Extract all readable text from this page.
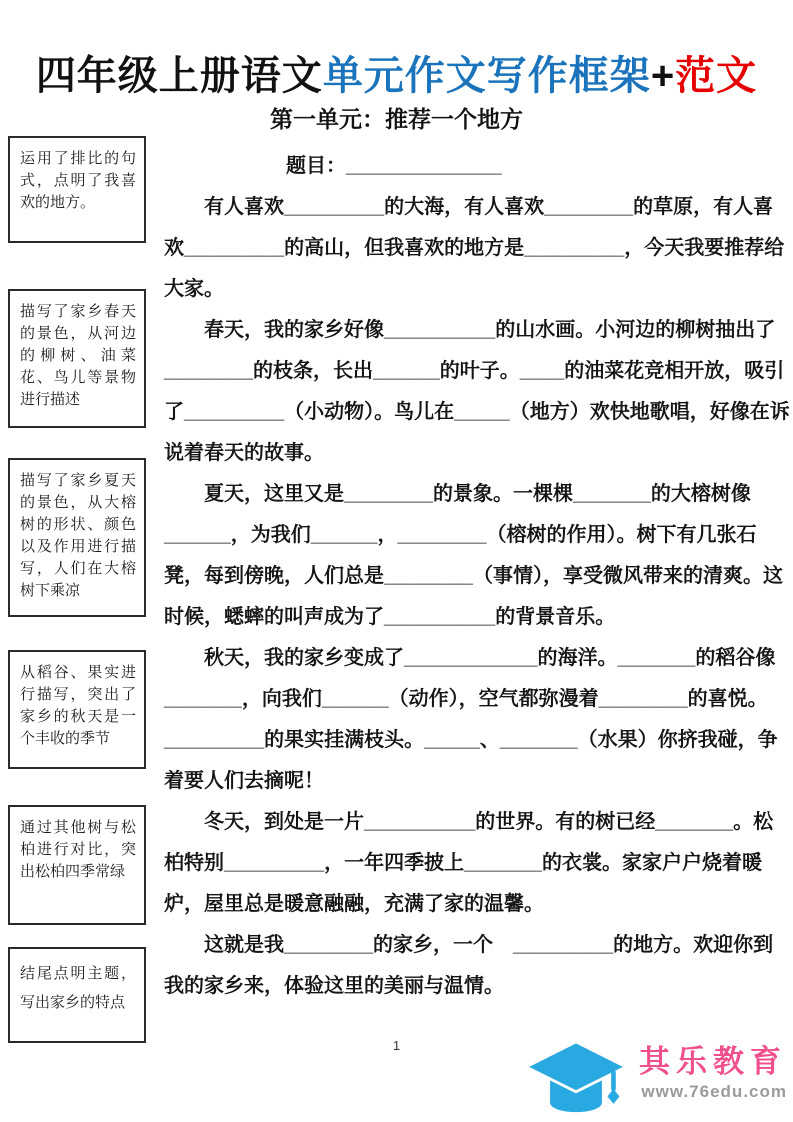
四年级上册语文单元作文写作框架+范文
第一单元：推荐一个地方
运用了排比的句式，点明了我喜欢的地方。
描写了家乡春天的景色，从河边的柳树、油菜花、鸟儿等景物进行描述
描写了家乡夏天的景色，从大榕树的形状、颜色以及作用进行描写，人们在大榕树下乘凉
从稻谷、果实进行描写，突出了家乡的秋天是一个丰收的季节
通过其他树与松柏进行对比，突出松柏四季常绿
结尾点明主题，写出家乡的特点

题目：______________

有人喜欢_________的大海，有人喜欢________的草原，有人喜欢_________的高山，但我喜欢的地方是_________，今天我要推荐给大家。

春天，我的家乡好像__________的山水画。小河边的柳树抽出了________的枝条，长出______的叶子。____的油菜花竞相开放，吸引了_________（小动物）。鸟儿在_____（地方）欢快地歌唱，好像在诉说着春天的故事。

夏天，这里又是________的景象。一棵棵_______的大榕树像______，为我们______，________（榕树的作用）。树下有几张石凳，每到傍晚，人们总是________（事情），享受微风带来的清爽。这时候，蟋蟀的叫声成为了__________的背景音乐。

秋天，我的家乡变成了____________的海洋。_______的稻谷像_______，向我们______（动作），空气都弥漫着________的喜悦。_________的果实挂满枝头。_____、_______（水果）你挤我碰，争着要人们去摘呢！

冬天，到处是一片__________的世界。有的树已经_______。松柏特别_________，一年四季披上_______的衣裳。家家户户烧着暖炉，屋里总是暖意融融，充满了家的温馨。

这就是我________的家乡，一个　_________的地方。欢迎你到我的家乡来，体验这里的美丽与温情。

1	其乐教育
www.76edu.com
